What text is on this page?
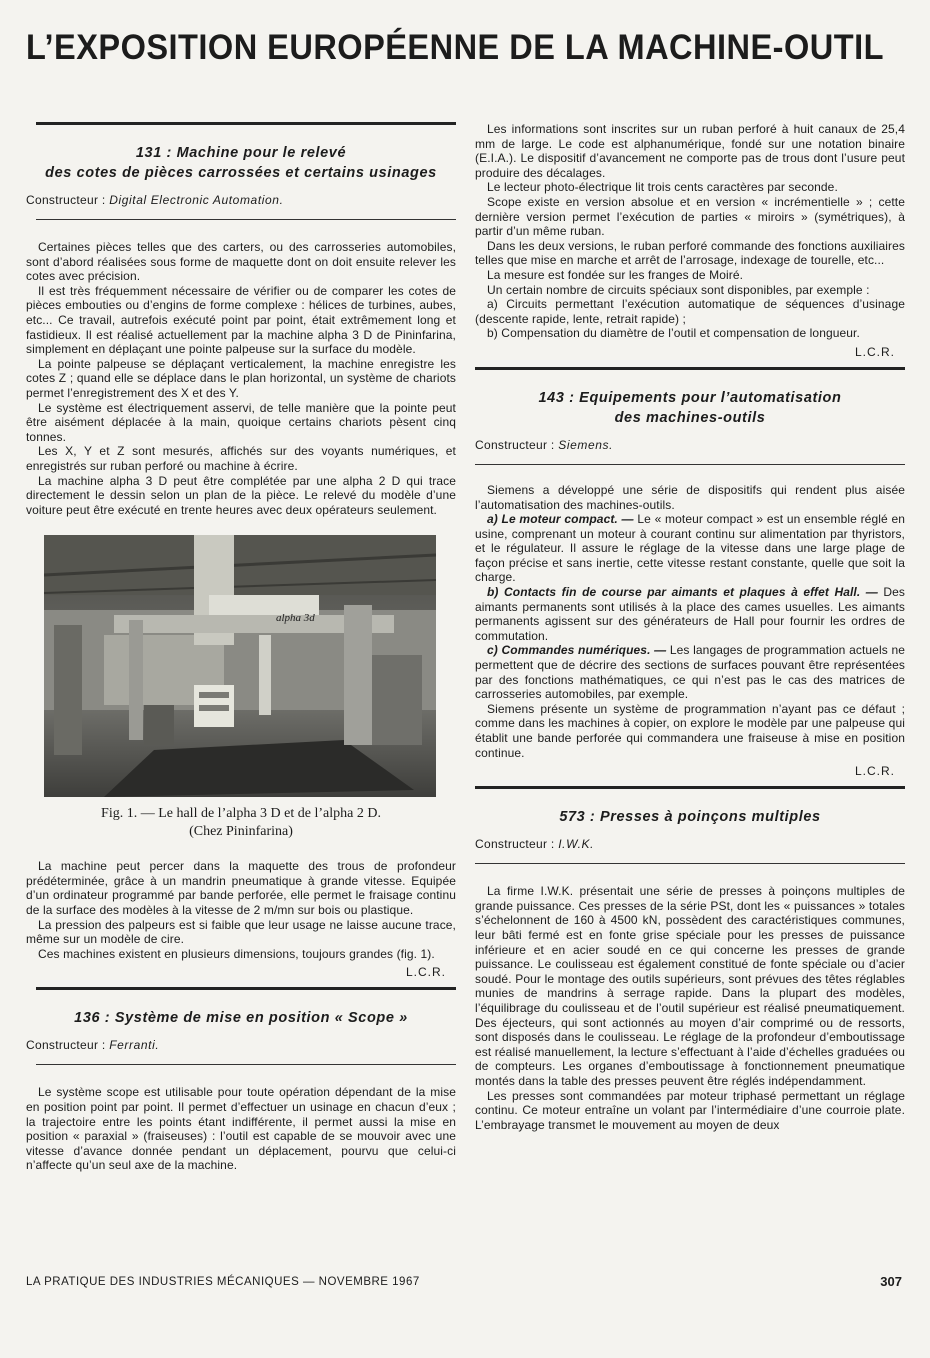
L’EXPOSITION EUROPÉENNE DE LA MACHINE-OUTIL
131 : Machine pour le relevé
des cotes de pièces carrossées et certains usinages
Constructeur : Digital Electronic Automation.

Certaines pièces telles que des carters, ou des carrosseries automobiles, sont d’abord réalisées sous forme de maquette dont on doit ensuite relever les cotes avec précision.

Il est très fréquemment nécessaire de vérifier ou de comparer les cotes de pièces embouties ou d’engins de forme complexe : hélices de turbines, aubes, etc... Ce travail, autrefois exécuté point par point, était extrêmement long et fastidieux. Il est réalisé actuellement par la machine alpha 3 D de Pininfarina, simplement en déplaçant une pointe palpeuse sur la surface du modèle.

La pointe palpeuse se déplaçant verticalement, la machine enregistre les cotes Z ; quand elle se déplace dans le plan horizontal, un système de chariots permet l’enregistrement des X et des Y.

Le système est électriquement asservi, de telle manière que la pointe peut être aisément déplacée à la main, quoique certains chariots pèsent cinq tonnes.

Les X, Y et Z sont mesurés, affichés sur des voyants numériques, et enregistrés sur ruban perforé ou machine à écrire.

La machine alpha 3 D peut être complétée par une alpha 2 D qui trace directement le dessin selon un plan de la pièce. Le relevé du modèle d’une voiture peut être exécuté en trente heures avec deux opérateurs seulement.

alpha 3d
Fig. 1. — Le hall de l’alpha 3 D et de l’alpha 2 D.
(Chez Pininfarina)

La machine peut percer dans la maquette des trous de profondeur prédéterminée, grâce à un mandrin pneumatique à grande vitesse. Equipée d’un ordinateur programmé par bande perforée, elle permet le fraisage continu de la surface des modèles à la vitesse de 2 m/mn sur bois ou plastique.

La pression des palpeurs est si faible que leur usage ne laisse aucune trace, même sur un modèle de cire.

Ces machines existent en plusieurs dimensions, toujours grandes (fig. 1).

L.C.R.
136 : Système de mise en position « Scope »
Constructeur : Ferranti.

Le système scope est utilisable pour toute opération dépendant de la mise en position point par point. Il permet d’effectuer un usinage en chacun d’eux ; la trajectoire entre les points étant indifférente, il permet aussi la mise en position « paraxial » (fraiseuses) : l’outil est capable de se mouvoir avec une vitesse d’avance donnée pendant un déplacement, pourvu que celui-ci n’affecte qu’un seul axe de la machine.

Les informations sont inscrites sur un ruban perforé à huit canaux de 25,4 mm de large. Le code est alphanumérique, fondé sur une notation binaire (E.I.A.). Le dispositif d’avancement ne comporte pas de trous dont l’usure peut produire des décalages.

Le lecteur photo-électrique lit trois cents caractères par seconde.

Scope existe en version absolue et en version « incrémentielle » ; cette dernière version permet l’exécution de parties « miroirs » (symétriques), à partir d’un même ruban.

Dans les deux versions, le ruban perforé commande des fonctions auxiliaires telles que mise en marche et arrêt de l’arrosage, indexage de tourelle, etc...

La mesure est fondée sur les franges de Moiré.

Un certain nombre de circuits spéciaux sont disponibles, par exemple :

a) Circuits permettant l’exécution automatique de séquences d’usinage (descente rapide, lente, retrait rapide) ;

b) Compensation du diamètre de l’outil et compensation de longueur.

L.C.R.
143 : Equipements pour l’automatisation
des machines-outils
Constructeur : Siemens.

Siemens a développé une série de dispositifs qui rendent plus aisée l’automatisation des machines-outils.

a) Le moteur compact. — Le « moteur compact » est un ensemble réglé en usine, comprenant un moteur à courant continu sur alimentation par thyristors, et le régulateur. Il assure le réglage de la vitesse dans une large plage de façon précise et sans inertie, cette vitesse restant constante, quelle que soit la charge.

b) Contacts fin de course par aimants et plaques à effet Hall. — Des aimants permanents sont utilisés à la place des cames usuelles. Les aimants permanents agissent sur des générateurs de Hall pour fournir les ordres de commutation.

c) Commandes numériques. — Les langages de programmation actuels ne permettent que de décrire des sections de surfaces pouvant être représentées par des fonctions mathématiques, ce qui n’est pas le cas des matrices de carrosseries automobiles, par exemple.

Siemens présente un système de programmation n’ayant pas ce défaut ; comme dans les machines à copier, on explore le modèle par une palpeuse qui établit une bande perforée qui commandera une fraiseuse à mise en position continue.

L.C.R.
573 : Presses à poinçons multiples
Constructeur : I.W.K.

La firme I.W.K. présentait une série de presses à poinçons multiples de grande puissance. Ces presses de la série PSt, dont les « puissances » totales s’échelonnent de 160 à 4500 kN, possèdent des caractéristiques communes, leur bâti fermé est en fonte grise spéciale pour les presses de puissance inférieure et en acier soudé en ce qui concerne les presses de grande puissance. Le coulisseau est également constitué de fonte spéciale ou d’acier soudé. Pour le montage des outils supérieurs, sont prévues des têtes réglables munies de mandrins à serrage rapide. Dans la plupart des modèles, l’équilibrage du coulisseau et de l’outil supérieur est réalisé pneumatiquement. Des éjecteurs, qui sont actionnés au moyen d’air comprimé ou de ressorts, sont disposés dans le coulisseau. Le réglage de la profondeur d’emboutissage est réalisé manuellement, la lecture s’effectuant à l’aide d’échelles graduées ou de compteurs. Les organes d’emboutissage à fonctionnement pneumatique montés dans la table des presses peuvent être réglés indépendamment.

Les presses sont commandées par moteur triphasé permettant un réglage continu. Ce moteur entraîne un volant par l’intermédiaire d’une courroie plate. L’embrayage transmet le mouvement au moyen de deux

LA PRATIQUE DES INDUSTRIES MÉCANIQUES — NOVEMBRE 1967	307
